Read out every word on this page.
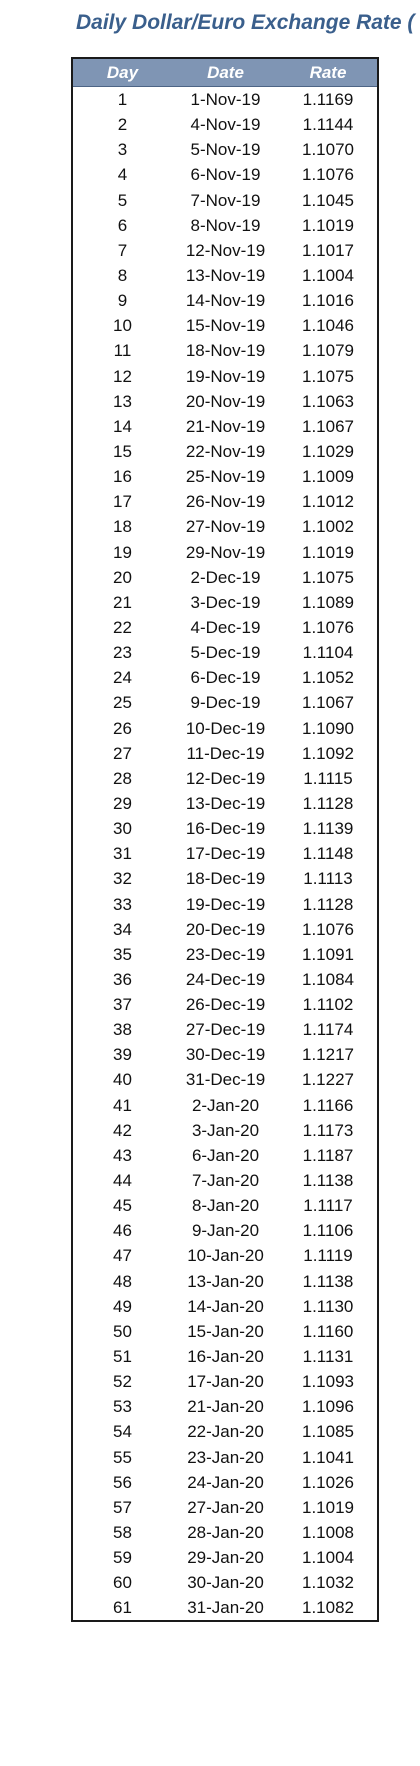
Daily Dollar/Euro Exchange Rate (
Day	Date	Rate
1	1-Nov-19	1.1169
2	4-Nov-19	1.1144
3	5-Nov-19	1.1070
4	6-Nov-19	1.1076
5	7-Nov-19	1.1045
6	8-Nov-19	1.1019
7	12-Nov-19	1.1017
8	13-Nov-19	1.1004
9	14-Nov-19	1.1016
10	15-Nov-19	1.1046
11	18-Nov-19	1.1079
12	19-Nov-19	1.1075
13	20-Nov-19	1.1063
14	21-Nov-19	1.1067
15	22-Nov-19	1.1029
16	25-Nov-19	1.1009
17	26-Nov-19	1.1012
18	27-Nov-19	1.1002
19	29-Nov-19	1.1019
20	2-Dec-19	1.1075
21	3-Dec-19	1.1089
22	4-Dec-19	1.1076
23	5-Dec-19	1.1104
24	6-Dec-19	1.1052
25	9-Dec-19	1.1067
26	10-Dec-19	1.1090
27	11-Dec-19	1.1092
28	12-Dec-19	1.1115
29	13-Dec-19	1.1128
30	16-Dec-19	1.1139
31	17-Dec-19	1.1148
32	18-Dec-19	1.1113
33	19-Dec-19	1.1128
34	20-Dec-19	1.1076
35	23-Dec-19	1.1091
36	24-Dec-19	1.1084
37	26-Dec-19	1.1102
38	27-Dec-19	1.1174
39	30-Dec-19	1.1217
40	31-Dec-19	1.1227
41	2-Jan-20	1.1166
42	3-Jan-20	1.1173
43	6-Jan-20	1.1187
44	7-Jan-20	1.1138
45	8-Jan-20	1.1117
46	9-Jan-20	1.1106
47	10-Jan-20	1.1119
48	13-Jan-20	1.1138
49	14-Jan-20	1.1130
50	15-Jan-20	1.1160
51	16-Jan-20	1.1131
52	17-Jan-20	1.1093
53	21-Jan-20	1.1096
54	22-Jan-20	1.1085
55	23-Jan-20	1.1041
56	24-Jan-20	1.1026
57	27-Jan-20	1.1019
58	28-Jan-20	1.1008
59	29-Jan-20	1.1004
60	30-Jan-20	1.1032
61	31-Jan-20	1.1082
